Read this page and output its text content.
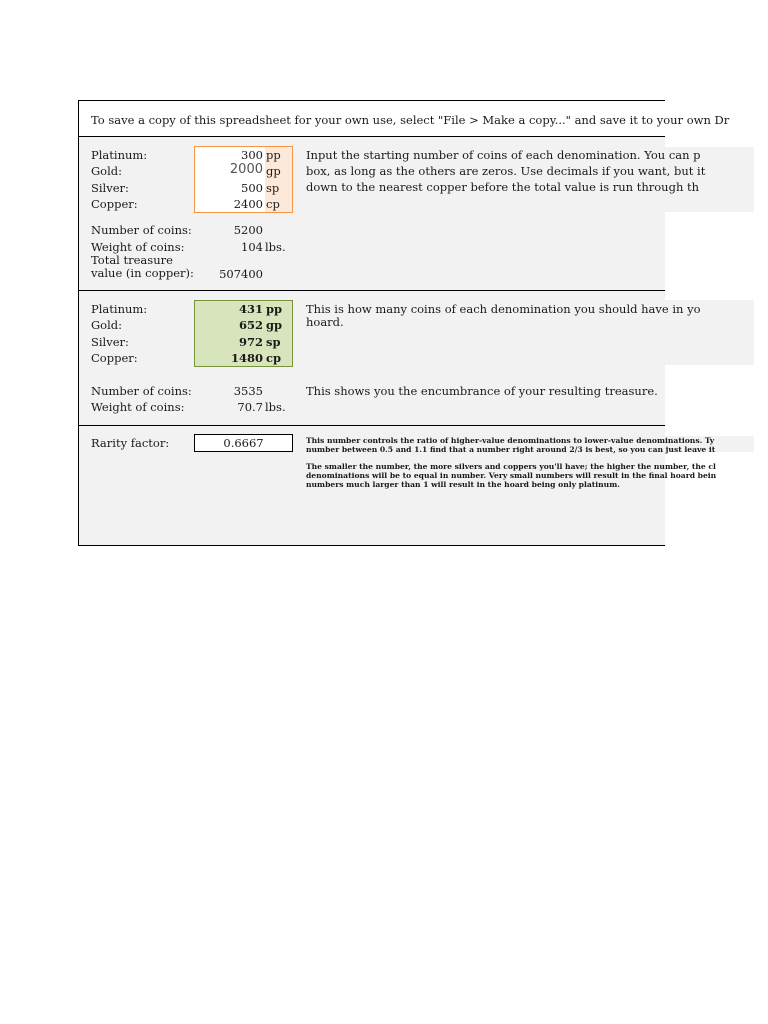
To save a copy of this spreadsheet for your own use, select "File > Make a copy..." and save it to your own Dr
Platinum:	300 pp
Gold:	2000 gp
Silver:	500 sp
Copper:	2400 cp
Input the starting number of coins of each denomination. You can p
box, as long as the others are zeros. Use decimals if you want, but it
down to the nearest copper before the total value is run through th
Number of coins:	5200
Weight of coins:	104 lbs.
Total treasure
value (in copper):	507400
Platinum:	431 pp
Gold:	652 gp
Silver:	972 sp
Copper:	1480 cp
This is how many coins of each denomination you should have in yo
hoard.
Number of coins:	3535	This shows you the encumbrance of your resulting treasure.
Weight of coins:	70.7 lbs.
Rarity factor:	0.6667	This number controls the ratio of higher-value denominations to lower-value denominations. Ty
number between 0.5 and 1.1 find that a number right around 2/3 is best, so you can just leave it
The smaller the number, the more silvers and coppers you'll have; the higher the number, the cl
denominations will be to equal in number. Very small numbers will result in the final hoard bein
numbers much larger than 1 will result in the hoard being only platinum.
